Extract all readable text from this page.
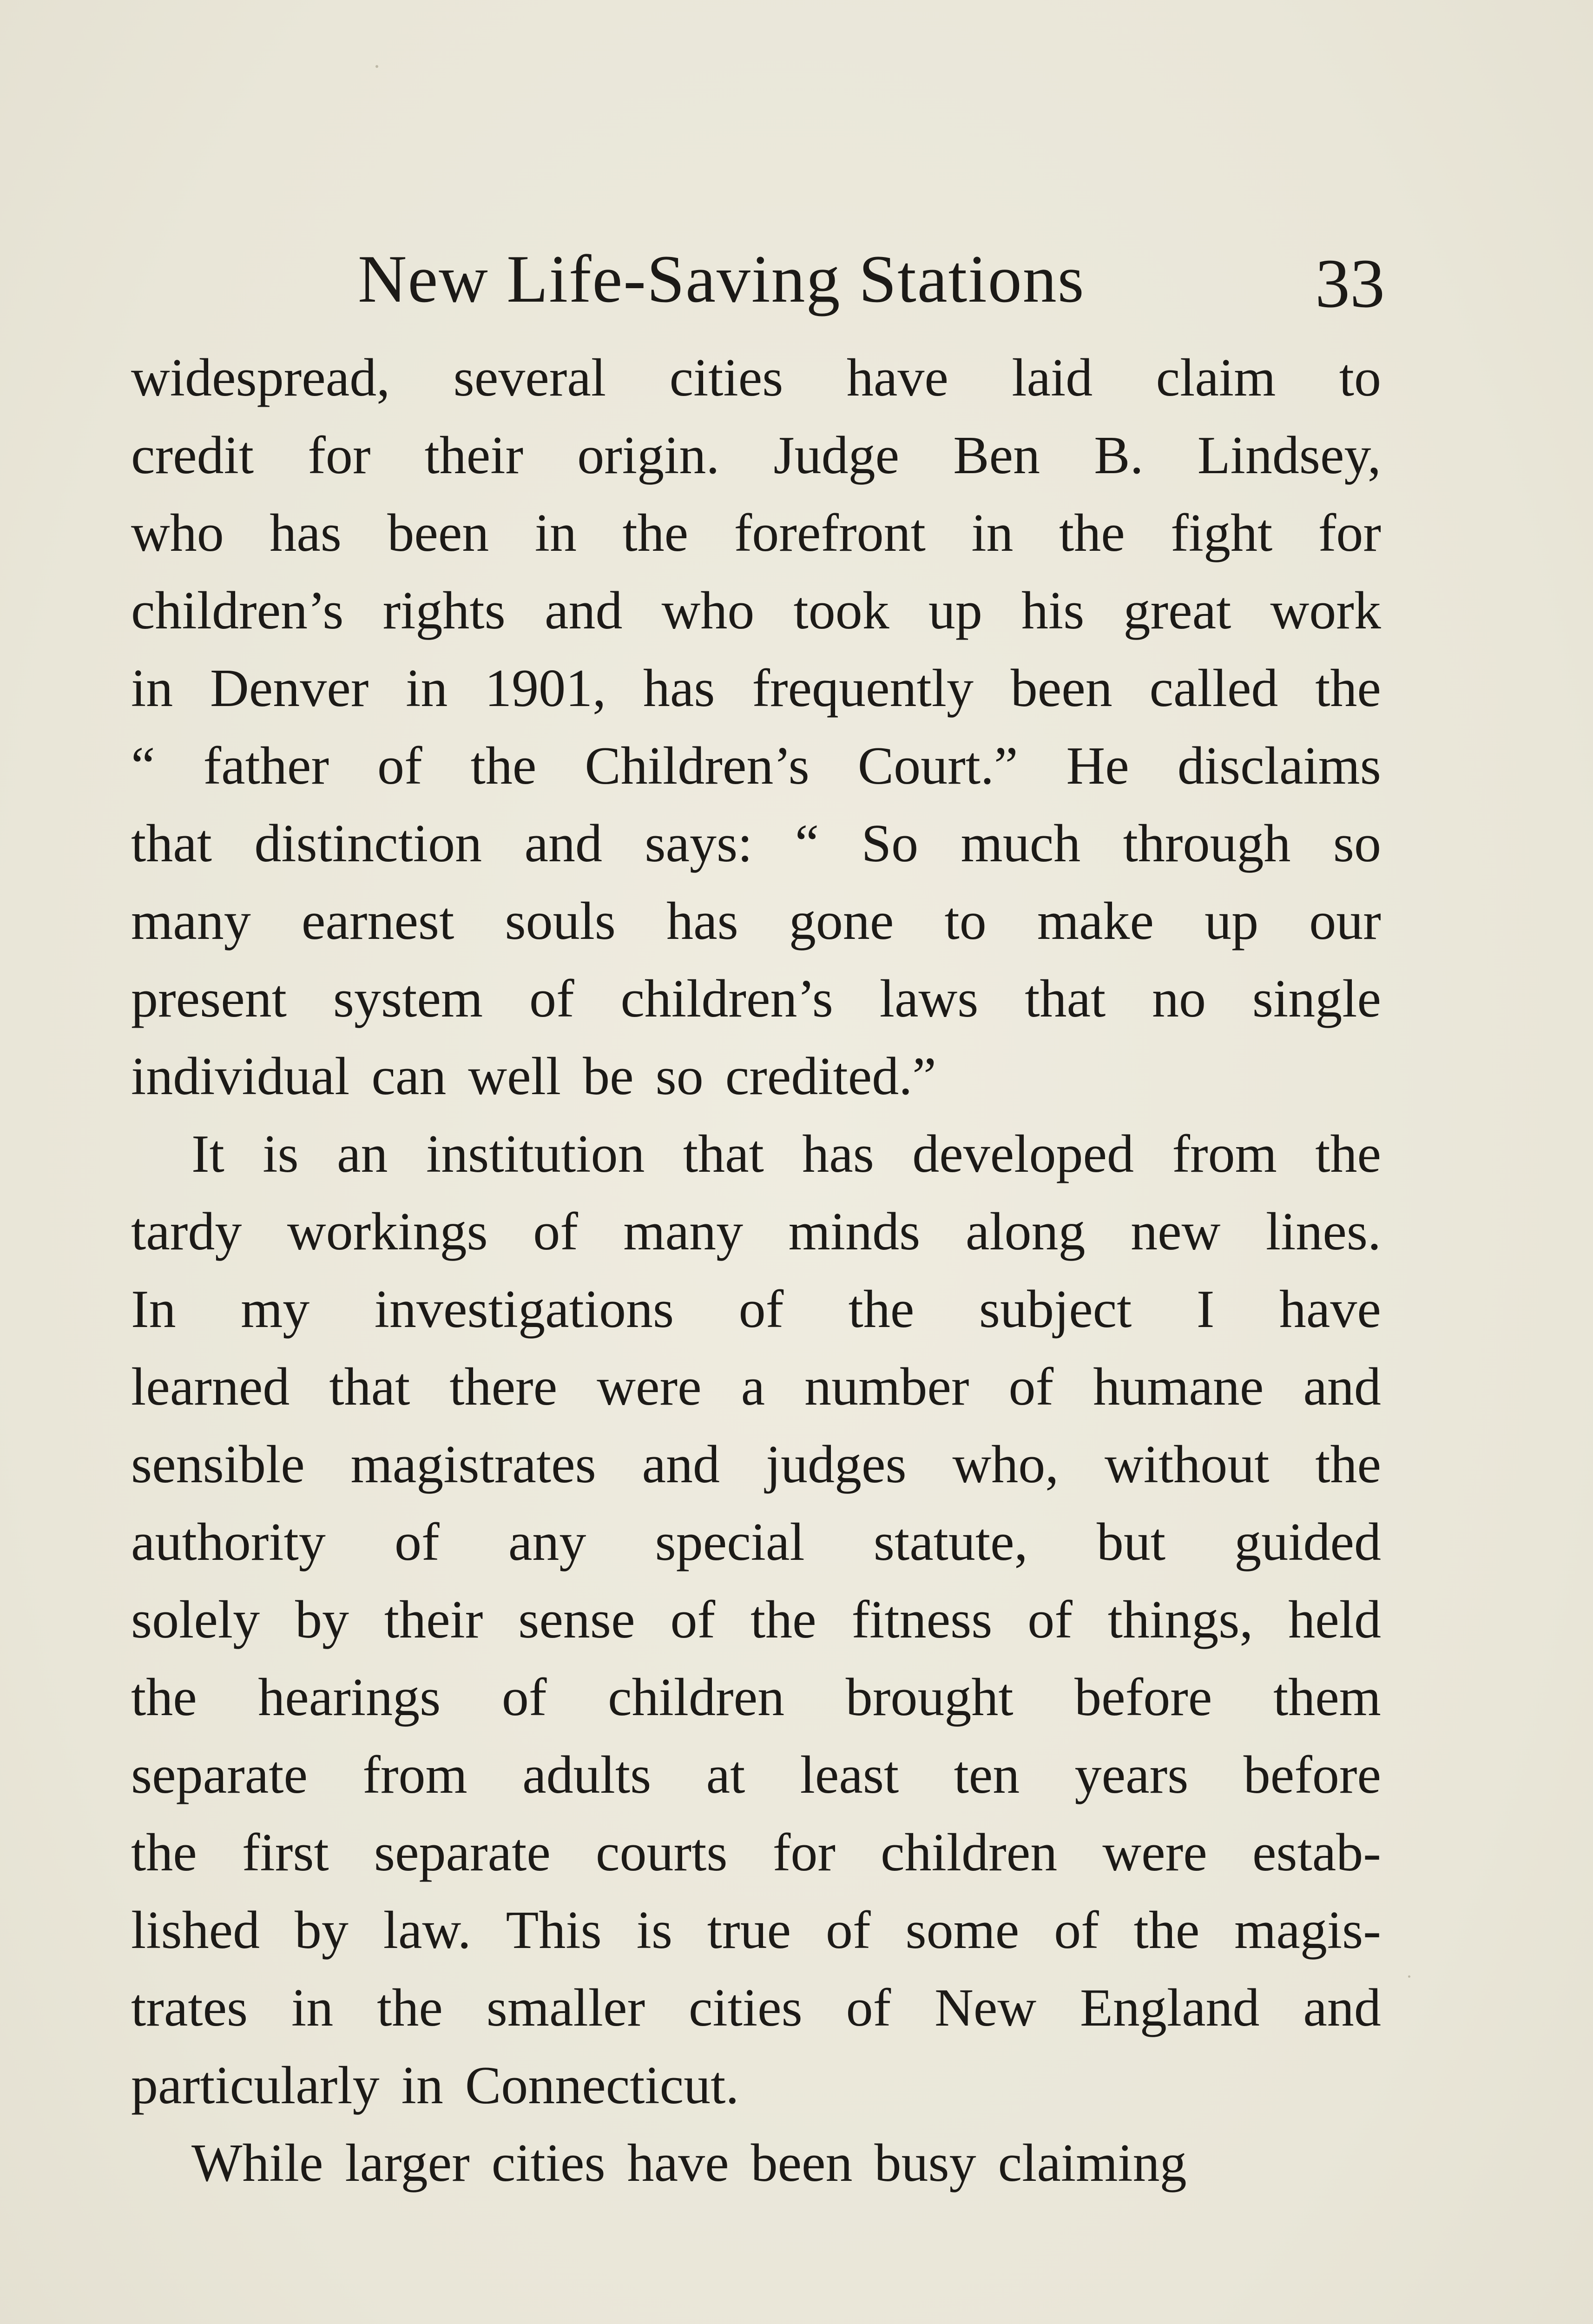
New Life-Saving Stations	33
widespread, several cities have laid claim to
credit for their origin. Judge Ben B. Lindsey,
who has been in the forefront in the fight for
children’s rights and who took up his great work
in Denver in 1901, has frequently been called the
“ father of the Children’s Court.” He disclaims
that distinction and says: “ So much through so
many earnest souls has gone to make up our
present system of children’s laws that no single
individual can well be so credited.”
It is an institution that has developed from the
tardy workings of many minds along new lines.
In my investigations of the subject I have
learned that there were a number of humane and
sensible magistrates and judges who, without the
authority of any special statute, but guided
solely by their sense of the fitness of things, held
the hearings of children brought before them
separate from adults at least ten years before
the first separate courts for children were estab-
lished by law. This is true of some of the magis-
trates in the smaller cities of New England and
particularly in Connecticut.
While larger cities have been busy claiming
